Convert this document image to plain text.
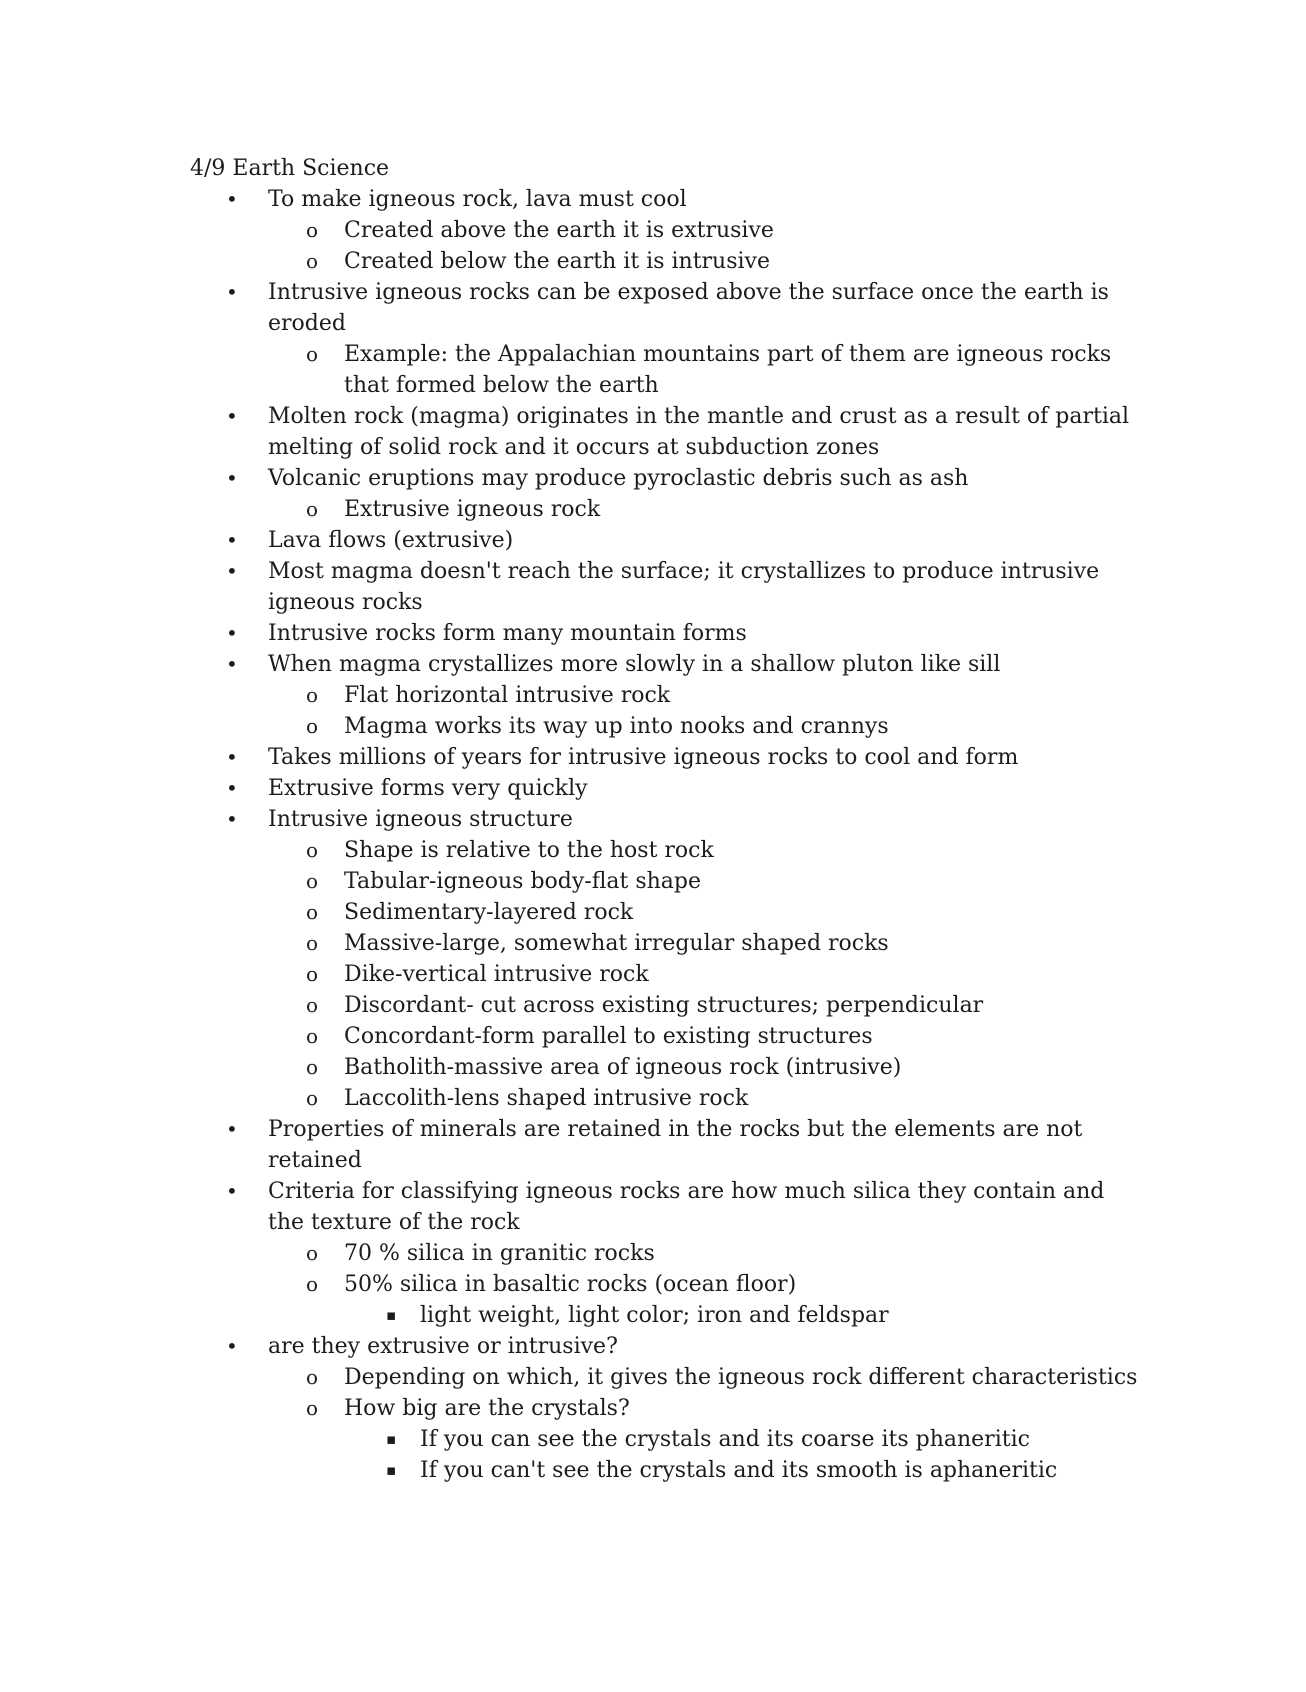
4/9 Earth Science
• To make igneous rock, lava must cool
o Created above the earth it is extrusive
o Created below the earth it is intrusive
• Intrusive igneous rocks can be exposed above the surface once the earth is
eroded
o Example: the Appalachian mountains part of them are igneous rocks
that formed below the earth
• Molten rock (magma) originates in the mantle and crust as a result of partial
melting of solid rock and it occurs at subduction zones
• Volcanic eruptions may produce pyroclastic debris such as ash
o Extrusive igneous rock
• Lava flows (extrusive)
• Most magma doesn't reach the surface; it crystallizes to produce intrusive
igneous rocks
• Intrusive rocks form many mountain forms
• When magma crystallizes more slowly in a shallow pluton like sill
o Flat horizontal intrusive rock
o Magma works its way up into nooks and crannys
• Takes millions of years for intrusive igneous rocks to cool and form
• Extrusive forms very quickly
• Intrusive igneous structure
o Shape is relative to the host rock
o Tabular-igneous body-flat shape
o Sedimentary-layered rock
o Massive-large, somewhat irregular shaped rocks
o Dike-vertical intrusive rock
o Discordant- cut across existing structures; perpendicular
o Concordant-form parallel to existing structures
o Batholith-massive area of igneous rock (intrusive)
o Laccolith-lens shaped intrusive rock
• Properties of minerals are retained in the rocks but the elements are not
retained
• Criteria for classifying igneous rocks are how much silica they contain and
the texture of the rock
o 70 % silica in granitic rocks
o 50% silica in basaltic rocks (ocean floor)
▪ light weight, light color; iron and feldspar
• are they extrusive or intrusive?
o Depending on which, it gives the igneous rock different characteristics
o How big are the crystals?
▪ If you can see the crystals and its coarse its phaneritic
▪ If you can't see the crystals and its smooth is aphaneritic
